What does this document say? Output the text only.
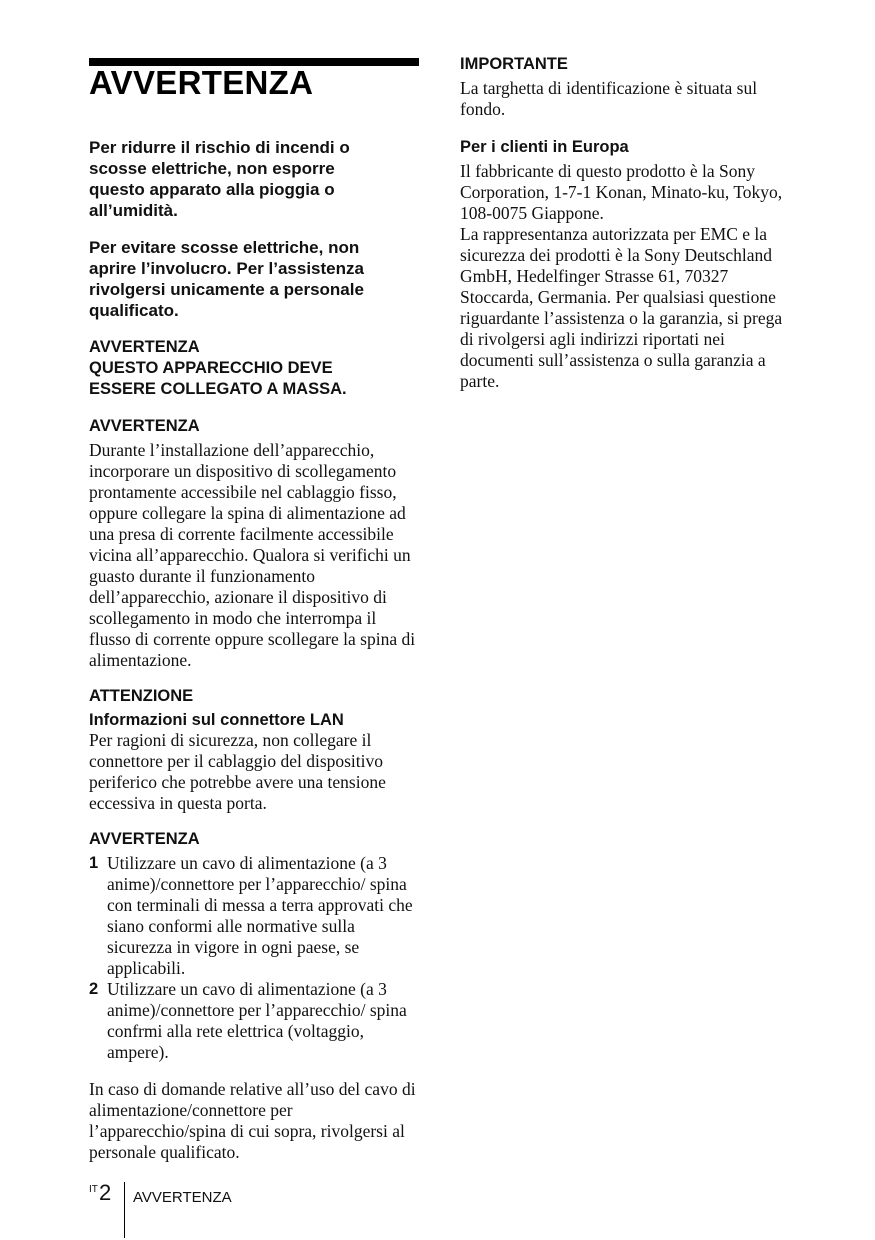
AVVERTENZA

Per ridurre il rischio di incendi o scosse elettriche, non esporre questo apparato alla pioggia o all’umidità.

Per evitare scosse elettriche, non aprire l’involucro. Per l’assistenza rivolgersi unicamente a personale qualificato.

AVVERTENZA

QUESTO APPARECCHIO DEVE ESSERE COLLEGATO A MASSA.

AVVERTENZA

Durante l’installazione dell’apparecchio, incorporare un dispositivo di scollegamento prontamente accessibile nel cablaggio fisso, oppure collegare la spina di alimentazione ad una presa di corrente facilmente accessibile vicina all’apparecchio. Qualora si verifichi un guasto durante il funzionamento dell’apparecchio, azionare il dispositivo di scollegamento in modo che interrompa il flusso di corrente oppure scollegare la spina di alimentazione.

ATTENZIONE

Informazioni sul connettore LAN

Per ragioni di sicurezza, non collegare il connettore per il cablaggio del dispositivo periferico che potrebbe avere una tensione eccessiva in questa porta.

AVVERTENZA

1 Utilizzare un cavo di alimentazione (a 3 anime)/connettore per l’apparecchio/ spina con terminali di messa a terra approvati che siano conformi alle normative sulla sicurezza in vigore in ogni paese, se applicabili.
2 Utilizzare un cavo di alimentazione (a 3 anime)/connettore per l’apparecchio/ spina confrmi alla rete elettrica (voltaggio, ampere).

In caso di domande relative all’uso del cavo di alimentazione/connettore per l’apparecchio/spina di cui sopra, rivolgersi al personale qualificato.

IMPORTANTE

La targhetta di identificazione è situata sul fondo.

Per i clienti in Europa

Il fabbricante di questo prodotto è la Sony Corporation, 1-7-1 Konan, Minato-ku, Tokyo, 108-0075 Giappone.

La rappresentanza autorizzata per EMC e la sicurezza dei prodotti è la Sony Deutschland GmbH, Hedelfinger Strasse 61, 70327 Stoccarda, Germania. Per qualsiasi questione riguardante l’assistenza o la garanzia, si prega di rivolgersi agli indirizzi riportati nei documenti sull’assistenza o sulla garanzia a parte.

IT 2 AVVERTENZA
